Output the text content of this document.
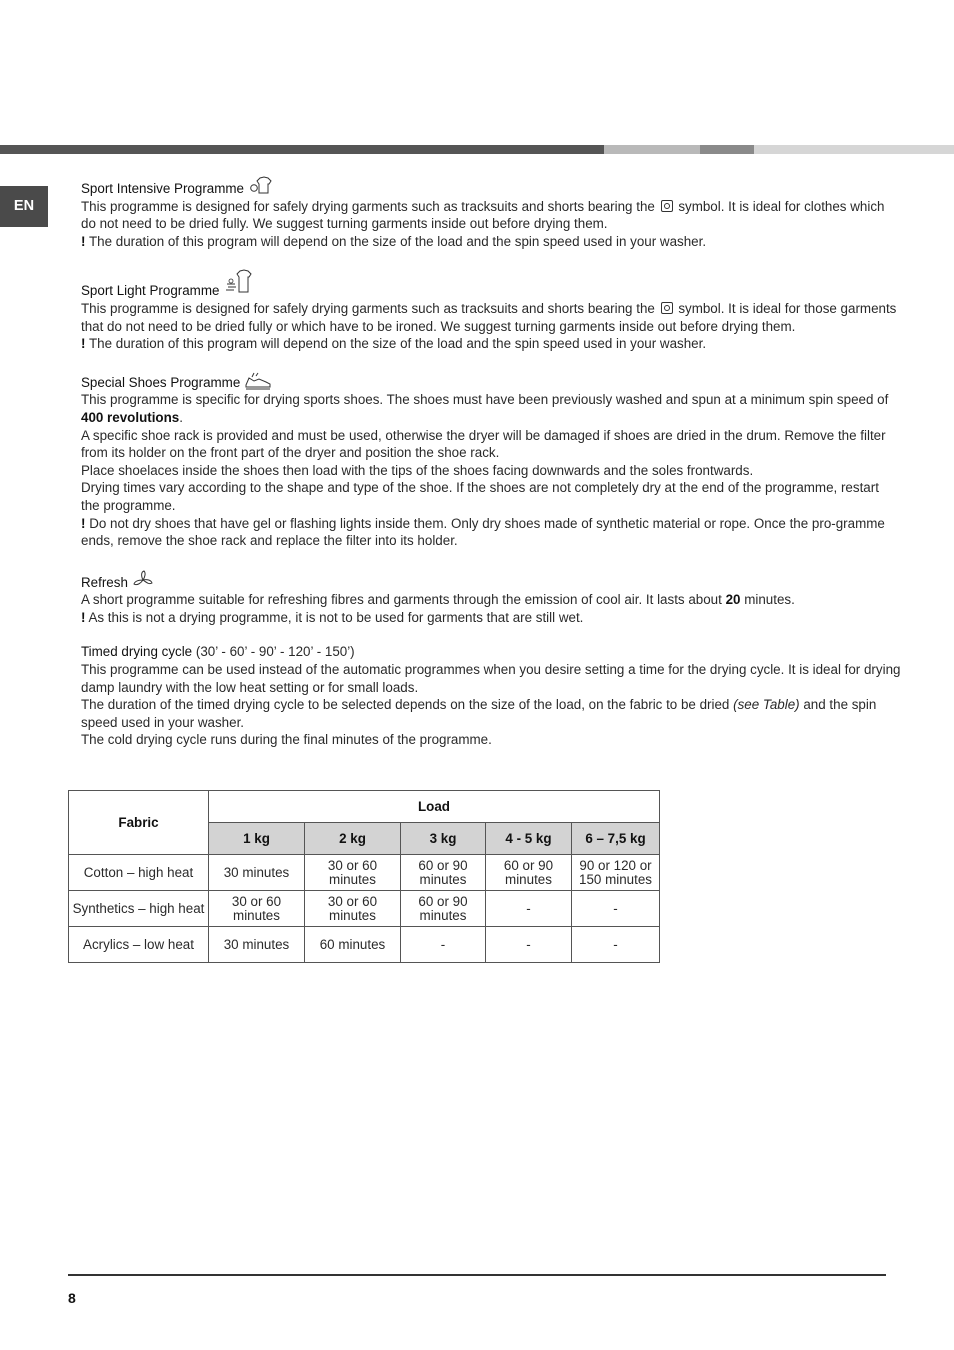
EN
Sport Intensive Programme

This programme is designed for safely drying garments such as tracksuits and shorts bearing the symbol. It is ideal for clothes which do not need to be dried fully. We suggest turning garments inside out before drying them.

! The duration of this program will depend on the size of the load and the spin speed used in your washer.

Sport Light Programme

This programme is designed for safely drying garments such as tracksuits and shorts bearing the symbol. It is ideal for those garments that do not need to be dried fully or which have to be ironed. We suggest turning garments inside out before drying them.

! The duration of this program will depend on the size of the load and the spin speed used in your washer.

Special Shoes Programme

This programme is specific for drying sports shoes. The shoes must have been previously washed and spun at a minimum spin speed of 400 revolutions.

A specific shoe rack is provided and must be used, otherwise the dryer will be damaged if shoes are dried in the drum. Remove the filter from its holder on the front part of the dryer and position the shoe rack.

Place shoelaces inside the shoes then load with the tips of the shoes facing downwards and the soles frontwards.

Drying times vary according to the shape and type of the shoe. If the shoes are not completely dry at the end of the programme, restart the programme.

! Do not dry shoes that have gel or flashing lights inside them. Only dry shoes made of synthetic material or rope. Once the pro-gramme ends, remove the shoe rack and replace the filter into its holder.

Refresh

A short programme suitable for refreshing fibres and garments through the emission of cool air. It lasts about 20 minutes.

! As this is not a drying programme, it is not to be used for garments that are still wet.

Timed drying cycle (30’ - 60’ - 90’ - 120’ - 150’)

This programme can be used instead of the automatic programmes when you desire setting a time for the drying cycle. It is ideal for drying damp laundry with the low heat setting or for small loads.

The duration of the timed drying cycle to be selected depends on the size of the load, on the fabric to be dried (see Table) and the spin speed used in your washer.

The cold drying cycle runs during the final minutes of the programme.

Fabric	Load				
	1 kg	2 kg	3 kg	4 - 5 kg	6 – 7,5 kg
Cotton – high heat	30 minutes	30 or 60 minutes	60 or 90 minutes	60 or 90 minutes	90 or 120 or 150 minutes
Synthetics – high heat	30 or 60 minutes	30 or 60 minutes	60 or 90 minutes	-	-
Acrylics – low heat	30 minutes	60 minutes	-	-	-
8
